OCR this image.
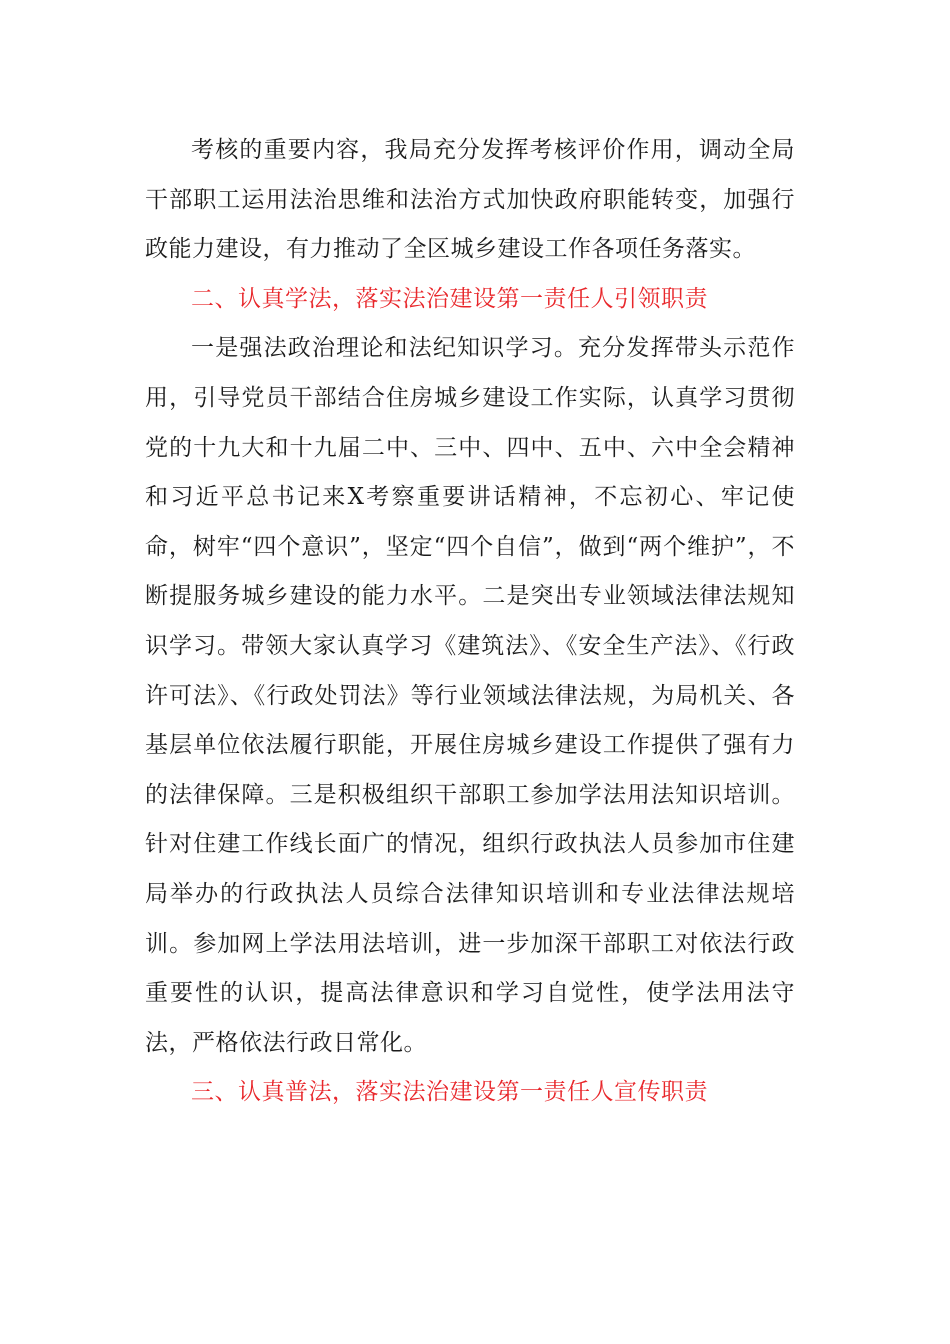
考核的重要内容，我局充分发挥考核评价作用，调动全局干部职工运用法治思维和法治方式加快政府职能转变，加强行政能力建设，有力推动了全区城乡建设工作各项任务落实。

二、认真学法，落实法治建设第一责任人引领职责

一是强法政治理论和法纪知识学习。充分发挥带头示范作用，引导党员干部结合住房城乡建设工作实际，认真学习贯彻党的十九大和十九届二中、三中、四中、五中、六中全会精神和习近平总书记来X考察重要讲话精神，不忘初心、牢记使命，树牢“四个意识”，坚定“四个自信”，做到“两个维护”，不断提服务城乡建设的能力水平。二是突出专业领域法律法规知识学习。带领大家认真学习《建筑法》、《安全生产法》、《行政许可法》、《行政处罚法》等行业领域法律法规，为局机关、各基层单位依法履行职能，开展住房城乡建设工作提供了强有力的法律保障。三是积极组织干部职工参加学法用法知识培训。针对住建工作线长面广的情况，组织行政执法人员参加市住建局举办的行政执法人员综合法律知识培训和专业法律法规培训。参加网上学法用法培训，进一步加深干部职工对依法行政重要性的认识，提高法律意识和学习自觉性，使学法用法守法，严格依法行政日常化。

三、认真普法，落实法治建设第一责任人宣传职责
